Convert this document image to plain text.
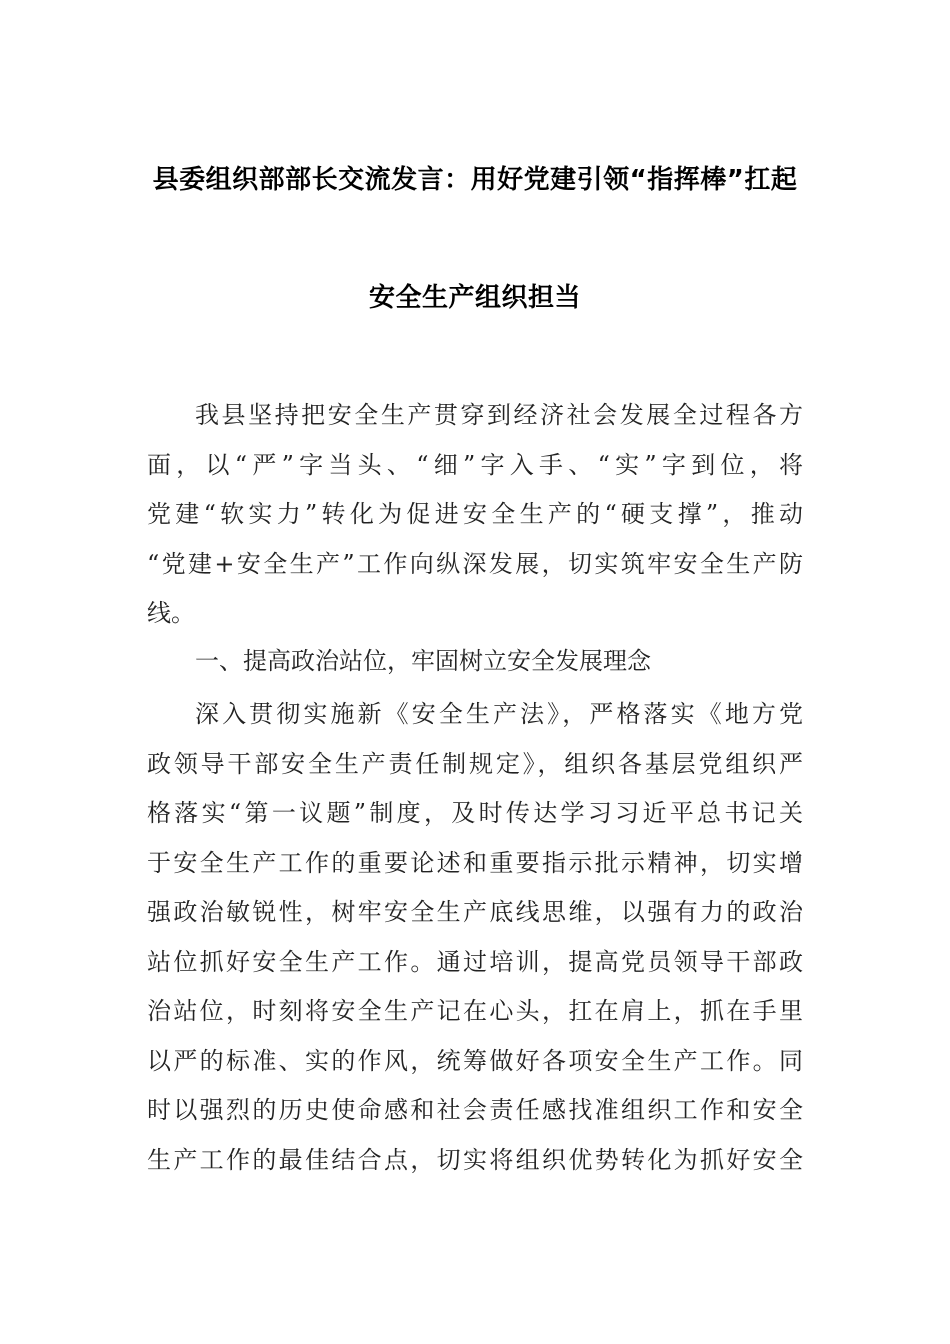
县委组织部部长交流发言：用好党建引领“指挥棒”扛起
安全生产组织担当
我县坚持把安全生产贯穿到经济社会发展全过程各方
面，以“严”字当头、“细”字入手、“实”字到位，将
党建“软实力”转化为促进安全生产的“硬支撑”，推动
“党建+安全生产”工作向纵深发展，切实筑牢安全生产防
线。
一、提高政治站位，牢固树立安全发展理念
深入贯彻实施新《安全生产法》，严格落实《地方党
政领导干部安全生产责任制规定》，组织各基层党组织严
格落实“第一议题”制度，及时传达学习习近平总书记关
于安全生产工作的重要论述和重要指示批示精神，切实增
强政治敏锐性，树牢安全生产底线思维，以强有力的政治
站位抓好安全生产工作。通过培训，提高党员领导干部政
治站位，时刻将安全生产记在心头，扛在肩上，抓在手里
以严的标准、实的作风，统筹做好各项安全生产工作。同
时以强烈的历史使命感和社会责任感找准组织工作和安全
生产工作的最佳结合点，切实将组织优势转化为抓好安全
